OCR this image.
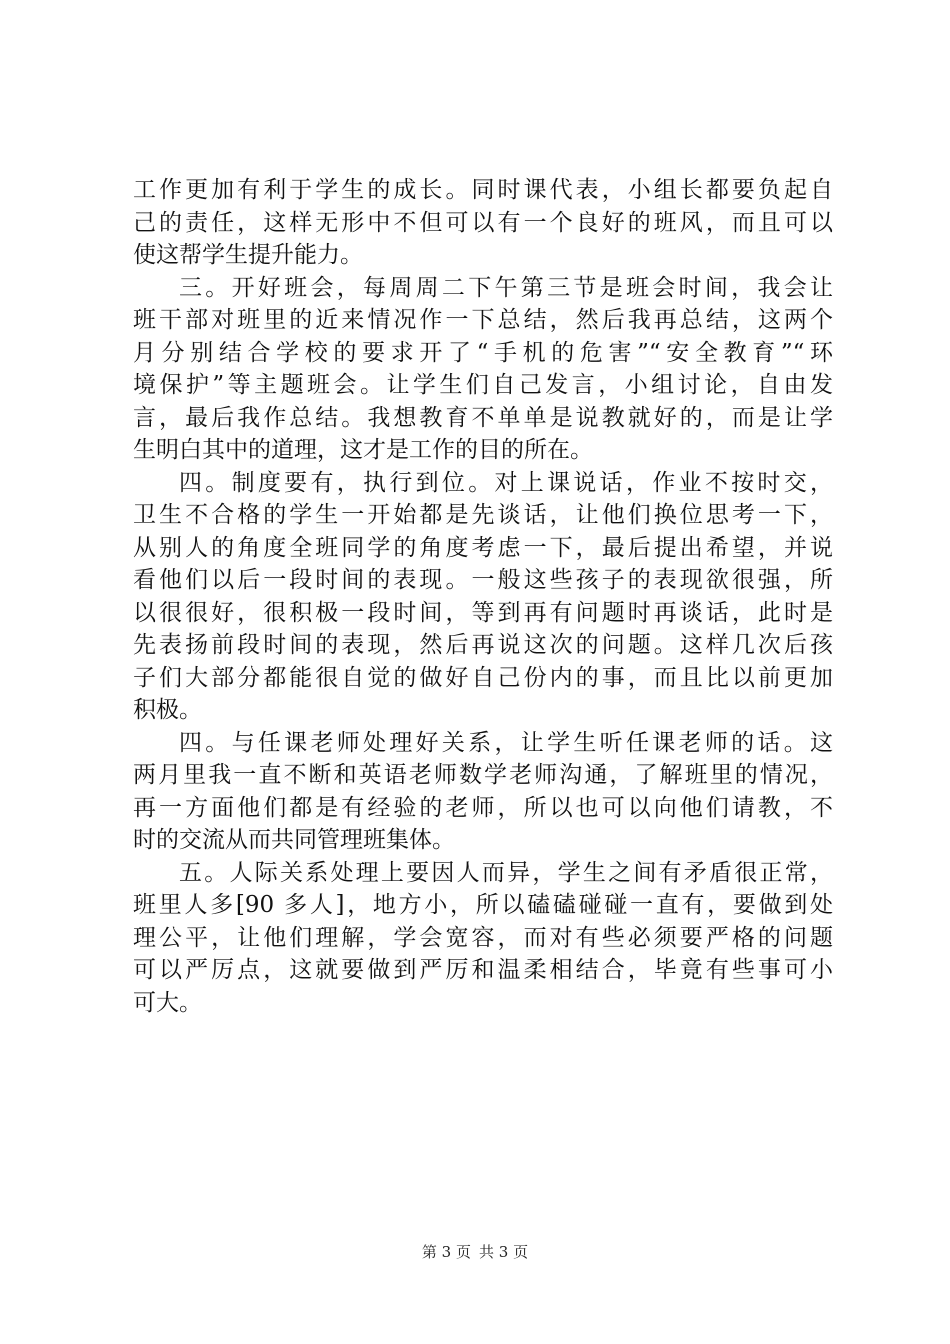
工作更加有利于学生的成长。同时课代表，小组长都要负起自
己的责任，这样无形中不但可以有一个良好的班风，而且可以
使这帮学生提升能力。
三。开好班会，每周周二下午第三节是班会时间，我会让
班干部对班里的近来情况作一下总结，然后我再总结，这两个
月分别结合学校的要求开了“手机的危害”“安全教育”“环
境保护”等主题班会。让学生们自己发言，小组讨论，自由发
言，最后我作总结。我想教育不单单是说教就好的，而是让学
生明白其中的道理，这才是工作的目的所在。
四。制度要有，执行到位。对上课说话，作业不按时交，
卫生不合格的学生一开始都是先谈话，让他们换位思考一下，
从别人的角度全班同学的角度考虑一下，最后提出希望，并说
看他们以后一段时间的表现。一般这些孩子的表现欲很强，所
以很很好，很积极一段时间，等到再有问题时再谈话，此时是
先表扬前段时间的表现，然后再说这次的问题。这样几次后孩
子们大部分都能很自觉的做好自己份内的事，而且比以前更加
积极。
四。与任课老师处理好关系，让学生听任课老师的话。这
两月里我一直不断和英语老师数学老师沟通，了解班里的情况，
再一方面他们都是有经验的老师，所以也可以向他们请教，不
时的交流从而共同管理班集体。
五。人际关系处理上要因人而异，学生之间有矛盾很正常，
班里人多[90 多人]，地方小，所以磕磕碰碰一直有，要做到处
理公平，让他们理解，学会宽容，而对有些必须要严格的问题
可以严厉点，这就要做到严厉和温柔相结合，毕竟有些事可小
可大。
第 3 页 共 3 页
